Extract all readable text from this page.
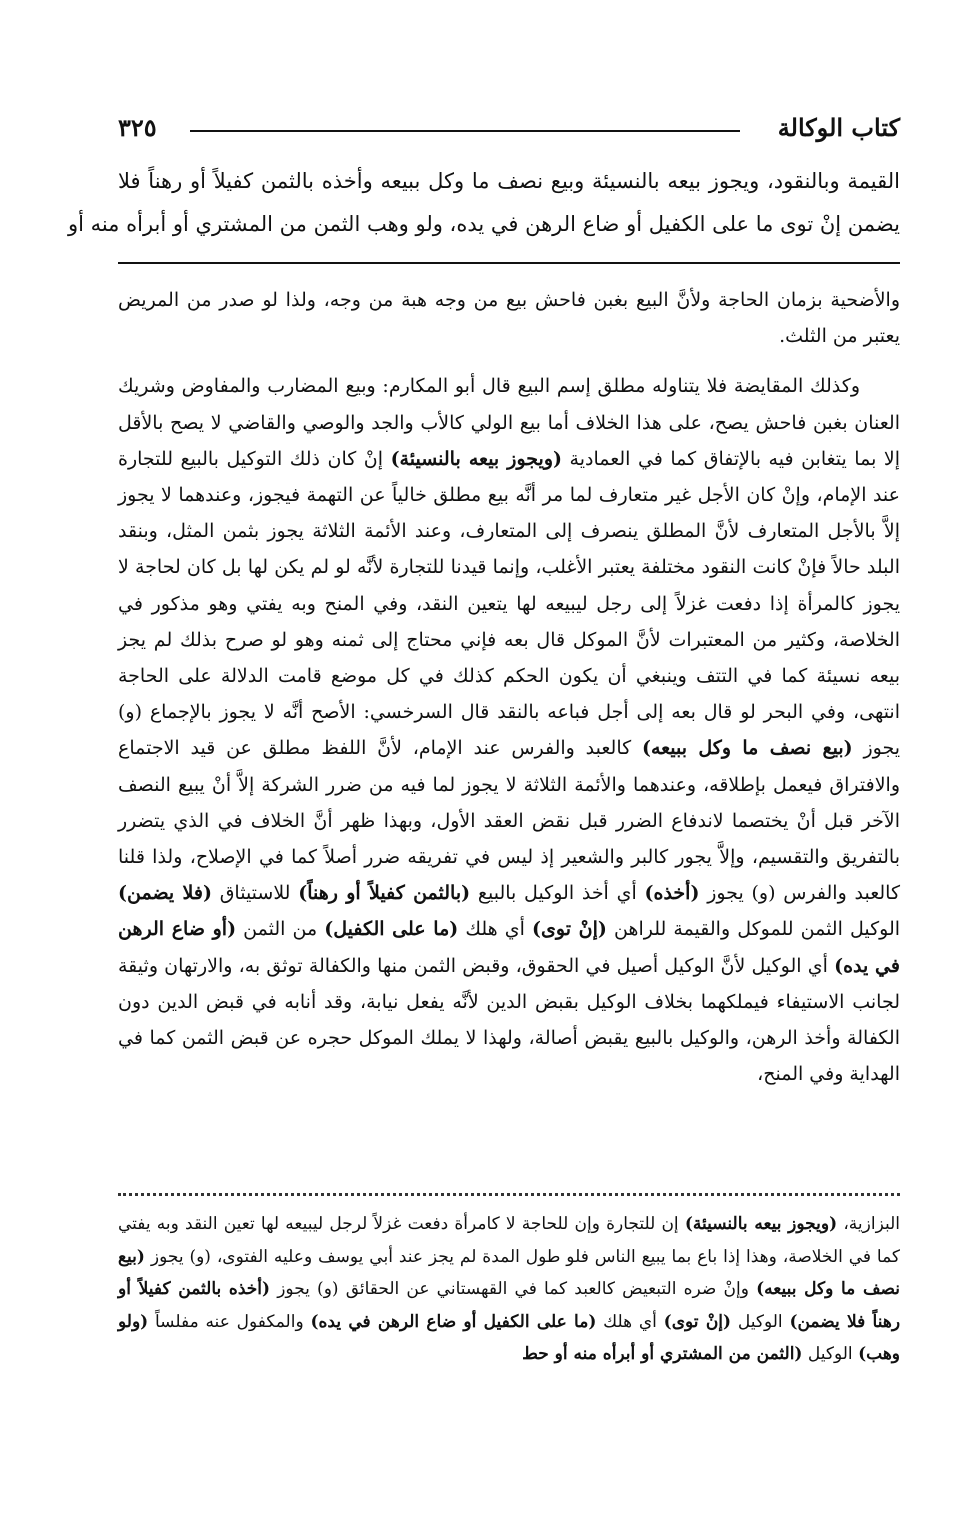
كتاب الوكالة
٣٢٥
القيمة وبالنقود، ويجوز بيعه بالنسيئة وبيع نصف ما وكل ببيعه وأخذه بالثمن كفيلاً أو رهناً فلا
يضمن إنْ توى ما على الكفيل أو ضاع الرهن في يده، ولو وهب الثمن من المشتري أو أبرأه منه أو

والأضحية بزمان الحاجة ولأنَّ البيع بغبن فاحش بيع من وجه هبة من وجه، ولذا لو صدر من المريض يعتبر من الثلث.

وكذلك المقايضة فلا يتناوله مطلق إسم البيع قال أبو المكارم: وبيع المضارب والمفاوض وشريك العنان بغبن فاحش يصح، على هذا الخلاف أما بيع الولي كالأب والجد والوصي والقاضي لا يصح بالأقل إلا بما يتغابن فيه بالإتفاق كما في العمادية (ويجوز بيعه بالنسيئة) إنْ كان ذلك التوكيل بالبيع للتجارة عند الإمام، وإنْ كان الأجل غير متعارف لما مر أنَّه بيع مطلق خالياً عن التهمة فيجوز، وعندهما لا يجوز إلاَّ بالأجل المتعارف لأنَّ المطلق ينصرف إلى المتعارف، وعند الأئمة الثلاثة يجوز بثمن المثل، وبنقد البلد حالاً فإنْ كانت النقود مختلفة يعتبر الأغلب، وإنما قيدنا للتجارة لأنَّه لو لم يكن لها بل كان لحاجة لا يجوز كالمرأة إذا دفعت غزلاً إلى رجل ليبيعه لها يتعين النقد، وفي المنح وبه يفتي وهو مذكور في الخلاصة، وكثير من المعتبرات لأنَّ الموكل قال بعه فإني محتاج إلى ثمنه وهو لو صرح بذلك لم يجز بيعه نسيئة كما في التتف وينبغي أن يكون الحكم كذلك في كل موضع قامت الدلالة على الحاجة انتهى، وفي البحر لو قال بعه إلى أجل فباعه بالنقد قال السرخسي: الأصح أنَّه لا يجوز بالإجماع (و) يجوز (بيع نصف ما وكل ببيعه) كالعبد والفرس عند الإمام، لأنَّ اللفظ مطلق عن قيد الاجتماع والافتراق فيعمل بإطلاقه، وعندهما والأئمة الثلاثة لا يجوز لما فيه من ضرر الشركة إلاَّ أنْ يبيع النصف الآخر قبل أنْ يختصما لاندفاع الضرر قبل نقض العقد الأول، وبهذا ظهر أنَّ الخلاف في الذي يتضرر بالتفريق والتقسيم، وإلاَّ يجور كالبر والشعير إذ ليس في تفريقه ضرر أصلاً كما في الإصلاح، ولذا قلنا كالعبد والفرس (و) يجوز (أخذه) أي أخذ الوكيل بالبيع (بالثمن كفيلاً أو رهناً) للاستيثاق (فلا يضمن) الوكيل الثمن للموكل والقيمة للراهن (إنْ توى) أي هلك (ما على الكفيل) من الثمن (أو ضاع الرهن في يده) أي الوكيل لأنَّ الوكيل أصيل في الحقوق، وقبض الثمن منها والكفالة توثق به، والارتهان وثيقة لجانب الاستيفاء فيملكهما بخلاف الوكيل بقبض الدين لأنَّه يفعل نيابة، وقد أنابه في قبض الدين دون الكفالة وأخذ الرهن، والوكيل بالبيع يقبض أصالة، ولهذا لا يملك الموكل حجره عن قبض الثمن كما في الهداية وفي المنح،

البزازية، (ويجوز بيعه بالنسيئة) إن للتجارة وإن للحاجة لا كامرأة دفعت غزلاً لرجل ليبيعه لها تعين النقد وبه يفتي كما في الخلاصة، وهذا إذا باع بما يبيع الناس فلو طول المدة لم يجز عند أبي يوسف وعليه الفتوى، (و) يجوز (بيع نصف ما وكل ببيعه) وإنْ ضره التبعيض كالعبد كما في القهستاني عن الحقائق (و) يجوز (أخذه بالثمن كفيلاً أو رهناً فلا يضمن) الوكيل (إنْ توى) أي هلك (ما على الكفيل أو ضاع الرهن في يده) والمكفول عنه مفلساً (ولو وهب) الوكيل (الثمن من المشتري أو أبرأه منه أو حط
